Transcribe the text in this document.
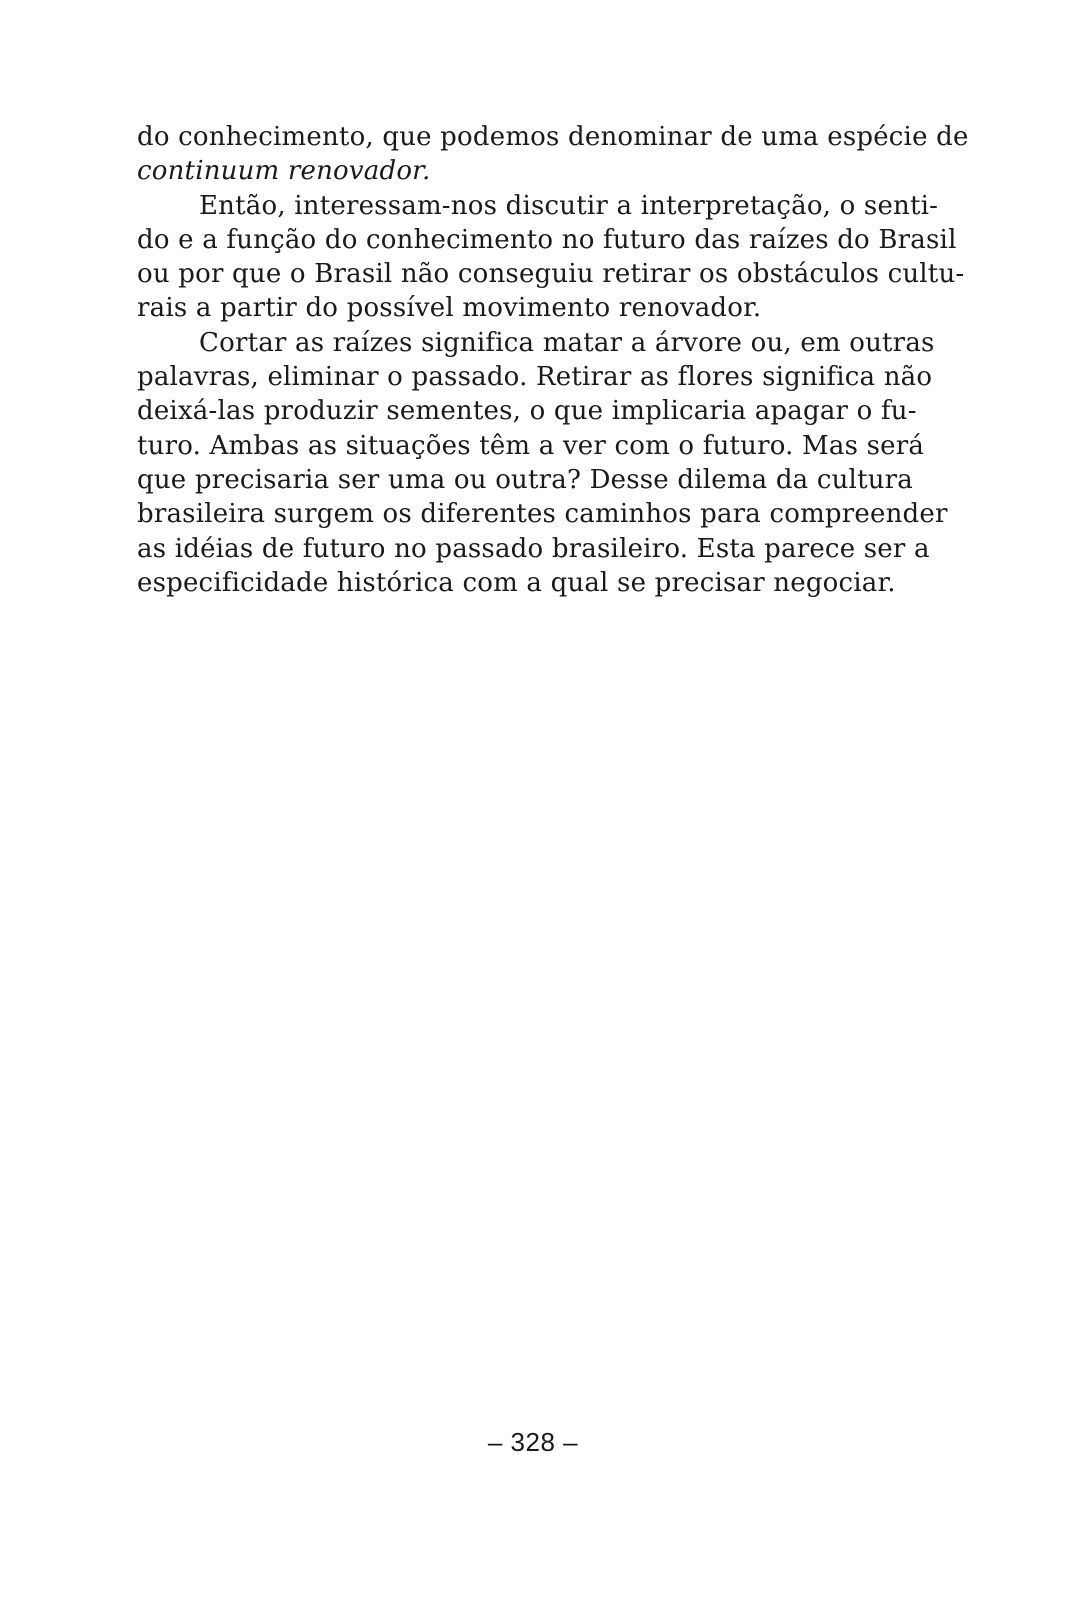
do conhecimento, que podemos denominar de uma espécie de
continuum renovador.
Então, interessam-nos discutir a interpretação, o senti-
do e a função do conhecimento no futuro das raízes do Brasil
ou por que o Brasil não conseguiu retirar os obstáculos cultu-
rais a partir do possível movimento renovador.
Cortar as raízes significa matar a árvore ou, em outras
palavras, eliminar o passado. Retirar as flores significa não
deixá-las produzir sementes, o que implicaria apagar o fu-
turo. Ambas as situações têm a ver com o futuro. Mas será
que precisaria ser uma ou outra? Desse dilema da cultura
brasileira surgem os diferentes caminhos para compreender
as idéias de futuro no passado brasileiro. Esta parece ser a
especificidade histórica com a qual se precisar negociar.
– 328 –
